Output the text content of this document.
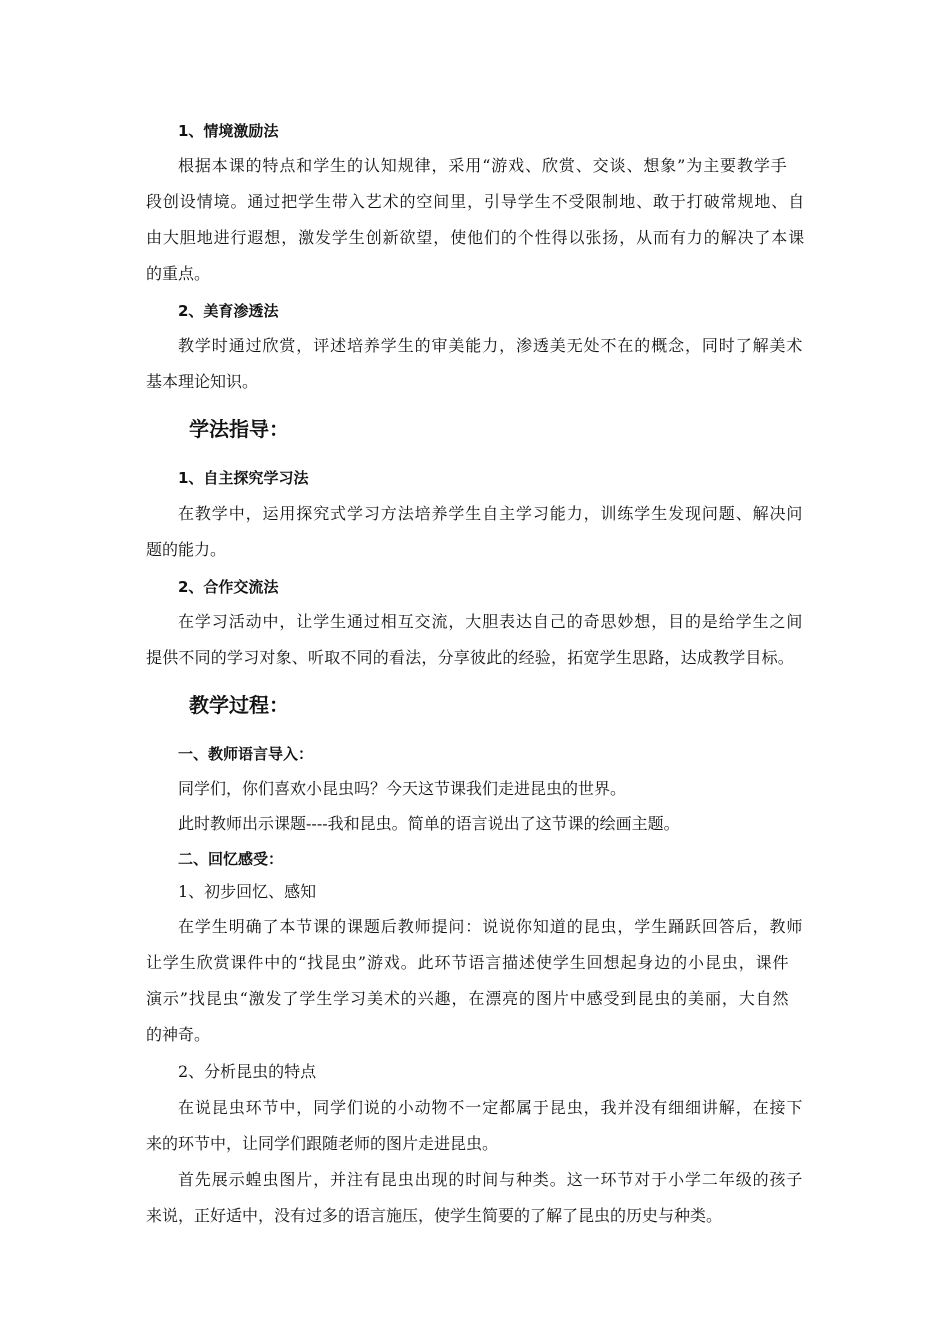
1、情境激励法
根据本课的特点和学生的认知规律，采用“游戏、欣赏、交谈、想象”为主要教学手
段创设情境。通过把学生带入艺术的空间里，引导学生不受限制地、敢于打破常规地、自
由大胆地进行遐想，激发学生创新欲望，使他们的个性得以张扬，从而有力的解决了本课
的重点。
2、美育渗透法
教学时通过欣赏，评述培养学生的审美能力，渗透美无处不在的概念，同时了解美术
基本理论知识。
学法指导：
1、自主探究学习法
在教学中，运用探究式学习方法培养学生自主学习能力，训练学生发现问题、解决问
题的能力。
2、合作交流法
在学习活动中，让学生通过相互交流，大胆表达自己的奇思妙想，目的是给学生之间
提供不同的学习对象、听取不同的看法，分享彼此的经验，拓宽学生思路，达成教学目标。
教学过程：
一、教师语言导入：
同学们，你们喜欢小昆虫吗？今天这节课我们走进昆虫的世界。
此时教师出示课题----我和昆虫。简单的语言说出了这节课的绘画主题。
二、回忆感受：
1、初步回忆、感知
在学生明确了本节课的课题后教师提问：说说你知道的昆虫，学生踊跃回答后，教师
让学生欣赏课件中的“找昆虫”游戏。此环节语言描述使学生回想起身边的小昆虫，课件
演示”找昆虫“激发了学生学习美术的兴趣，在漂亮的图片中感受到昆虫的美丽，大自然
的神奇。
2、分析昆虫的特点
在说昆虫环节中，同学们说的小动物不一定都属于昆虫，我并没有细细讲解，在接下
来的环节中，让同学们跟随老师的图片走进昆虫。
首先展示蝗虫图片，并注有昆虫出现的时间与种类。这一环节对于小学二年级的孩子
来说，正好适中，没有过多的语言施压，使学生简要的了解了昆虫的历史与种类。
